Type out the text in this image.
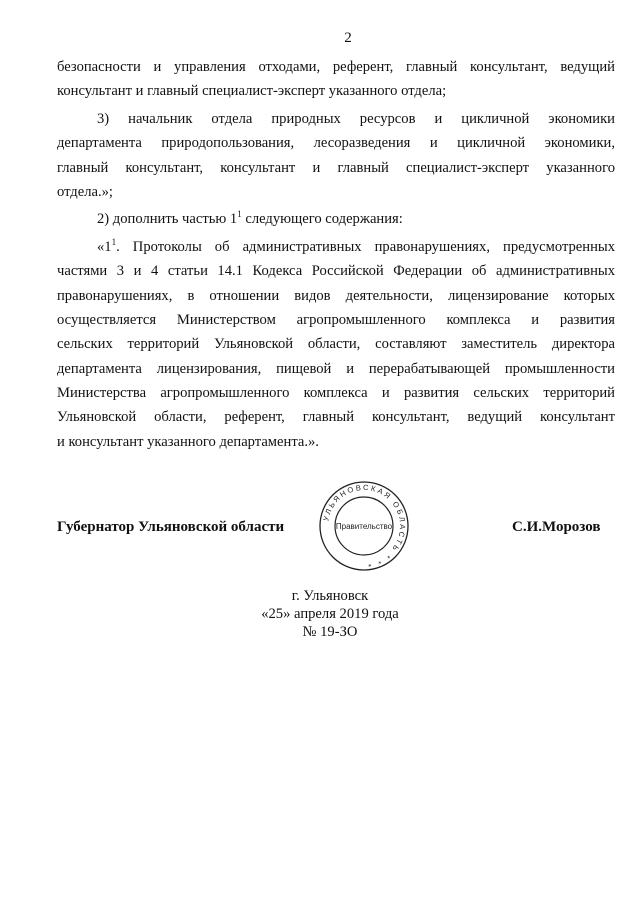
2
безопасности и управления отходами, референт, главный консультант, ведущий
консультант и главный специалист-эксперт указанного отдела;
3) начальник отдела природных ресурсов и цикличной экономики
департамента природопользования, лесоразведения и цикличной экономики,
главный консультант, консультант и главный специалист-эксперт указанного
отдела.»;
2) дополнить частью $1^1$ следующего содержания:
«$1^1$. Протоколы об административных правонарушениях, предусмотренных
частями 3 и 4 статьи 14.1 Кодекса Российской Федерации об административных
правонарушениях, в отношении видов деятельности, лицензирование которых
осуществляется Министерством агропромышленного комплекса и развития
сельских территорий Ульяновской области, составляют заместитель директора
департамента лицензирования, пищевой и перерабатывающей промышленности
Министерства агропромышленного комплекса и развития сельских территорий
Ульяновской области, референт, главный консультант, ведущий консультант
и консультант указанного департамента.».
Губернатор Ульяновской области	С.И.Морозов
УЛЬЯНОВСКАЯ ОБЛАСТЬ * * *
Правительство
г. Ульяновск
«25» апреля 2019 года
№ 19-ЗО
